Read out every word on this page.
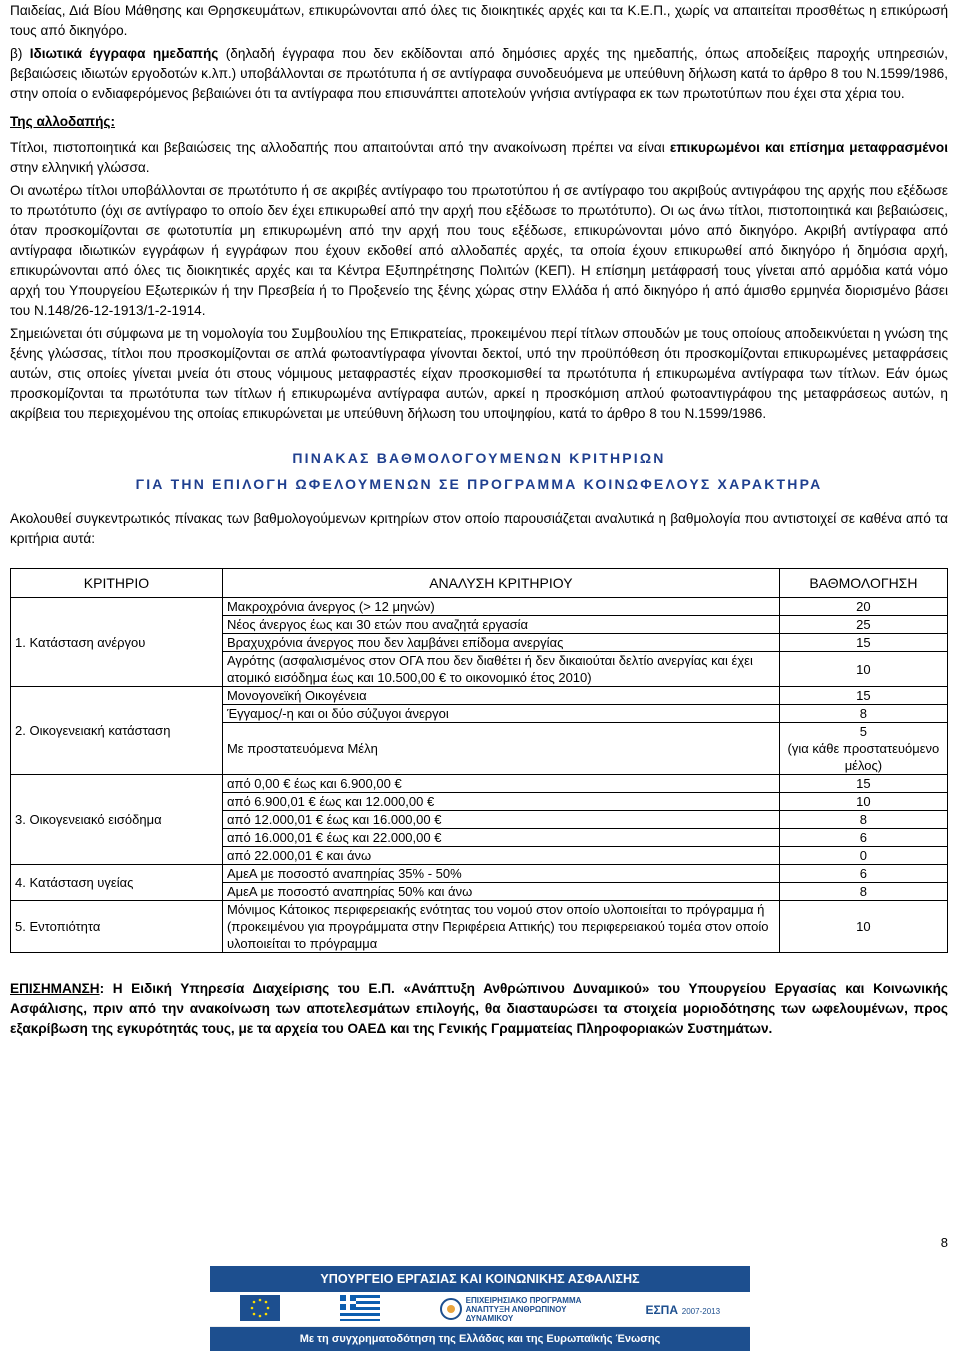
Παιδείας, Διά Βίου Μάθησης και Θρησκευμάτων, επικυρώνονται από όλες τις διοικητικές αρχές και τα Κ.Ε.Π., χωρίς να απαιτείται προσθέτως η επικύρωσή τους από δικηγόρο.

β) Ιδιωτικά έγγραφα ημεδαπής (δηλαδή έγγραφα που δεν εκδίδονται από δημόσιες αρχές της ημεδαπής, όπως αποδείξεις παροχής υπηρεσιών, βεβαιώσεις ιδιωτών εργοδοτών κ.λπ.) υποβάλλονται σε πρωτότυπα ή σε αντίγραφα συνοδευόμενα με υπεύθυνη δήλωση κατά το άρθρο 8 του Ν.1599/1986, στην οποία ο ενδιαφερόμενος βεβαιώνει ότι τα αντίγραφα που επισυνάπτει αποτελούν γνήσια αντίγραφα εκ των πρωτοτύπων που έχει στα χέρια του.

Της αλλοδαπής:

Τίτλοι, πιστοποιητικά και βεβαιώσεις της αλλοδαπής που απαιτούνται από την ανακοίνωση πρέπει να είναι επικυρωμένοι και επίσημα μεταφρασμένοι στην ελληνική γλώσσα.

Οι ανωτέρω τίτλοι υποβάλλονται σε πρωτότυπο ή σε ακριβές αντίγραφο του πρωτοτύπου ή σε αντίγραφο του ακριβούς αντιγράφου της αρχής που εξέδωσε το πρωτότυπο (όχι σε αντίγραφο το οποίο δεν έχει επικυρωθεί από την αρχή που εξέδωσε το πρωτότυπο). Οι ως άνω τίτλοι, πιστοποιητικά και βεβαιώσεις, όταν προσκομίζονται σε φωτοτυπία μη επικυρωμένη από την αρχή που τους εξέδωσε, επικυρώνονται μόνο από δικηγόρο. Ακριβή αντίγραφα από αντίγραφα ιδιωτικών εγγράφων ή εγγράφων που έχουν εκδοθεί από αλλοδαπές αρχές, τα οποία έχουν επικυρωθεί από δικηγόρο ή δημόσια αρχή, επικυρώνονται από όλες τις διοικητικές αρχές και τα Κέντρα Εξυπηρέτησης Πολιτών (ΚΕΠ). Η επίσημη μετάφρασή τους γίνεται από αρμόδια κατά νόμο αρχή του Υπουργείου Εξωτερικών ή την Πρεσβεία ή το Προξενείο της ξένης χώρας στην Ελλάδα ή από δικηγόρο ή από άμισθο ερμηνέα διορισμένο βάσει του Ν.148/26-12-1913/1-2-1914.

Σημειώνεται ότι σύμφωνα με τη νομολογία του Συμβουλίου της Επικρατείας, προκειμένου περί τίτλων σπουδών με τους οποίους αποδεικνύεται η γνώση της ξένης γλώσσας, τίτλοι που προσκομίζονται σε απλά φωτοαντίγραφα γίνονται δεκτοί, υπό την προϋπόθεση ότι προσκομίζονται επικυρωμένες μεταφράσεις αυτών, στις οποίες γίνεται μνεία ότι στους νόμιμους μεταφραστές είχαν προσκομισθεί τα πρωτότυπα ή επικυρωμένα αντίγραφα των τίτλων. Εάν όμως προσκομίζονται τα πρωτότυπα των τίτλων ή επικυρωμένα αντίγραφα αυτών, αρκεί η προσκόμιση απλού φωτοαντιγράφου της μεταφράσεως αυτών, η ακρίβεια του περιεχομένου της οποίας επικυρώνεται με υπεύθυνη δήλωση του υποψηφίου, κατά το άρθρο 8 του Ν.1599/1986.

ΠΙΝΑΚΑΣ ΒΑΘΜΟΛΟΓΟΥΜΕΝΩΝ ΚΡΙΤΗΡΙΩΝ
ΓΙΑ ΤΗΝ ΕΠΙΛΟΓΗ ΩΦΕΛΟΥΜΕΝΩΝ ΣΕ ΠΡΟΓΡΑΜΜΑ ΚΟΙΝΩΦΕΛΟΥΣ ΧΑΡΑΚΤΗΡΑ

Ακολουθεί συγκεντρωτικός πίνακας των βαθμολογούμενων κριτηρίων στον οποίο παρουσιάζεται αναλυτικά η βαθμολογία που αντιστοιχεί σε καθένα από τα κριτήρια αυτά:

ΚΡΙΤΗΡΙΟ	ΑΝΑΛΥΣΗ ΚΡΙΤΗΡΙΟΥ	ΒΑΘΜΟΛΟΓΗΣΗ
1. Κατάσταση ανέργου	Μακροχρόνια άνεργος (> 12 μηνών)	20
	Νέος άνεργος έως και 30 ετών που αναζητά εργασία	25
	Βραχυχρόνια άνεργος που δεν λαμβάνει επίδομα ανεργίας	15
	Αγρότης (ασφαλισμένος στον ΟΓΑ που δεν διαθέτει ή δεν δικαιούται δελτίο ανεργίας και έχει ατομικό εισόδημα έως και 10.500,00 € το οικονομικό έτος 2010)	10
2. Οικογενειακή κατάσταση	Μονογονεϊκή Οικογένεια	15
	Έγγαμος/-η και οι δύο σύζυγοι άνεργοι	8
	Με προστατευόμενα Μέλη	5
(για κάθε προστατευόμενο μέλος)

3. Οικογενειακό εισόδημα	από 0,00 € έως και 6.900,00 €	15
	από 6.900,01 € έως και 12.000,00 €	10
	από 12.000,01 € έως και 16.000,00 €	8
	από 16.000,01 € έως και 22.000,00 €	6
	από 22.000,01 € και άνω	0
4. Κατάσταση υγείας	ΑμεΑ με ποσοστό αναπηρίας 35% - 50%	6
	ΑμεΑ με ποσοστό αναπηρίας 50% και άνω	8
5. Εντοπιότητα	Μόνιμος Κάτοικος περιφερειακής ενότητας του νομού στον οποίο υλοποιείται το πρόγραμμα ή (προκειμένου για προγράμματα στην Περιφέρεια Αττικής) του περιφερειακού τομέα στον οποίο υλοποιείται το πρόγραμμα	10

ΕΠΙΣΗΜΑΝΣΗ: Η Ειδική Υπηρεσία Διαχείρισης του Ε.Π. «Ανάπτυξη Ανθρώπινου Δυναμικού» του Υπουργείου Εργασίας και Κοινωνικής Ασφάλισης, πριν από την ανακοίνωση των αποτελεσμάτων επιλογής, θα διασταυρώσει τα στοιχεία μοριοδότησης των ωφελουμένων, προς εξακρίβωση της εγκυρότητάς τους, με τα αρχεία του ΟΑΕΔ και της Γενικής Γραμματείας Πληροφοριακών Συστημάτων.

8
ΥΠΟΥΡΓΕΙΟ ΕΡΓΑΣΙΑΣ ΚΑΙ ΚΟΙΝΩΝΙΚΗΣ ΑΣΦΑΛΙΣΗΣ
ΕΠΙΧΕΙΡΗΣΙΑΚΟ ΠΡΟΓΡΑΜΜΑ ΑΝΑΠΤΥΞΗ ΑΝΘΡΩΠΙΝΟΥ ΔΥΝΑΜΙΚΟΥ
ΕΣΠΑ 2007-2013
Με τη συγχρηματοδότηση της Ελλάδας και της Ευρωπαϊκής Ένωσης
